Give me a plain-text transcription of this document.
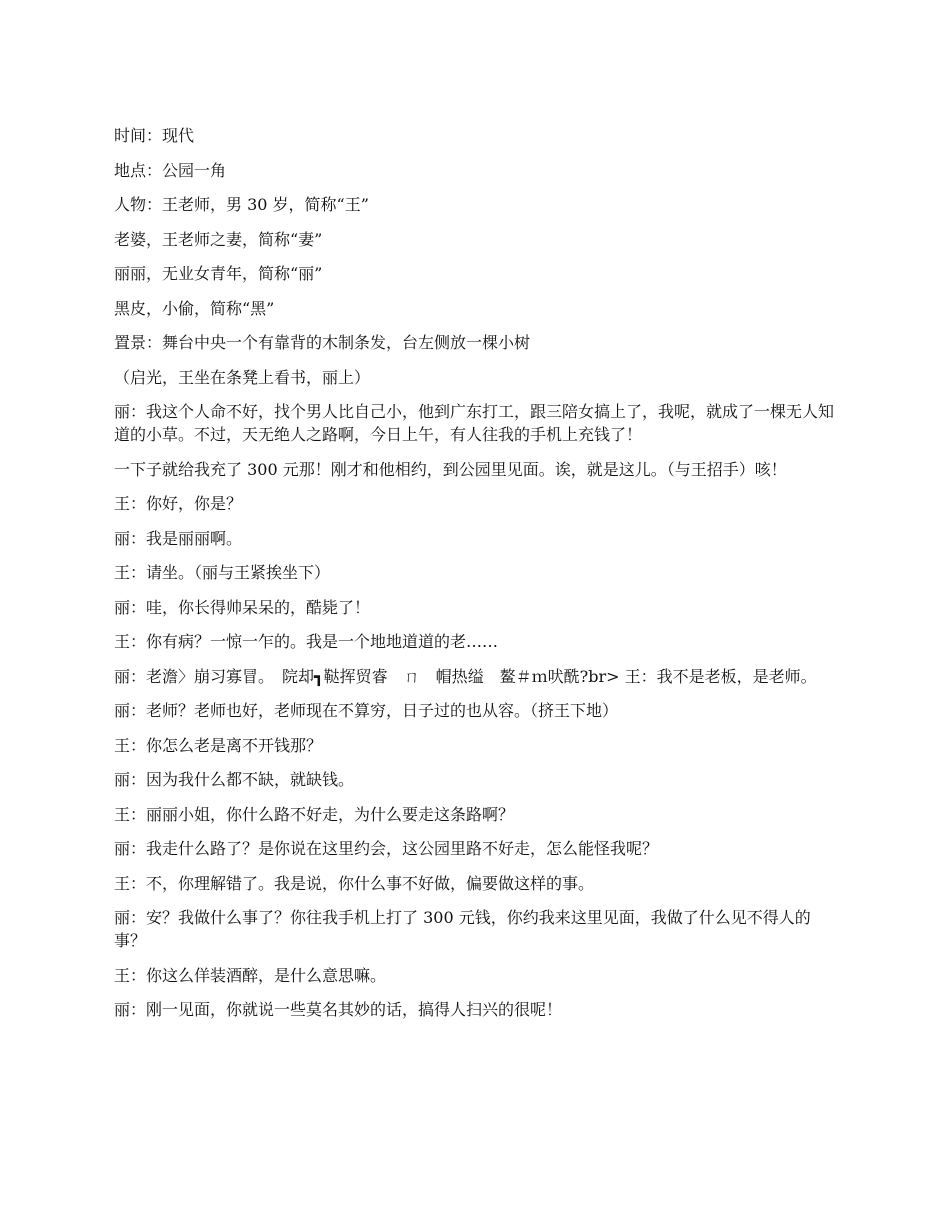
时间：现代

地点：公园一角

人物：王老师，男 30 岁，简称“王”

老婆，王老师之妻，简称“妻”

丽丽，无业女青年，简称“丽”

黑皮，小偷，简称“黑”

置景：舞台中央一个有靠背的木制条发，台左侧放一棵小树

（启光，王坐在条凳上看书，丽上）

丽：我这个人命不好，找个男人比自己小，他到广东打工，跟三陪女搞上了，我呢，就成了一棵无人知道的小草。不过，天无绝人之路啊，今日上午，有人往我的手机上充钱了！

一下子就给我充了 300 元那！刚才和他相约，到公园里见面。诶，就是这儿。（与王招手）咳！

王：你好，你是？

丽：我是丽丽啊。

王：请坐。（丽与王紧挨坐下）

丽：哇，你长得帅呆呆的，酷毙了！

王：你有病？一惊一乍的。我是一个地地道道的老……

丽：老澹〉崩习寡冒。　院却┓鞑挥贸睿　ㄇ　帽热缢　鳌＃ｍ吠酰?br> 王：我不是老板，是老师。

丽：老师？老师也好，老师现在不算穷，日子过的也从容。（挤王下地）

王：你怎么老是离不开钱那？

丽：因为我什么都不缺，就缺钱。

王：丽丽小姐，你什么路不好走，为什么要走这条路啊？

丽：我走什么路了？是你说在这里约会，这公园里路不好走，怎么能怪我呢？

王：不，你理解错了。我是说，你什么事不好做，偏要做这样的事。

丽：安？我做什么事了？你往我手机上打了 300 元钱，你约我来这里见面，我做了什么见不得人的事？

王：你这么佯装酒醉，是什么意思嘛。

丽：刚一见面，你就说一些莫名其妙的话，搞得人扫兴的很呢！
